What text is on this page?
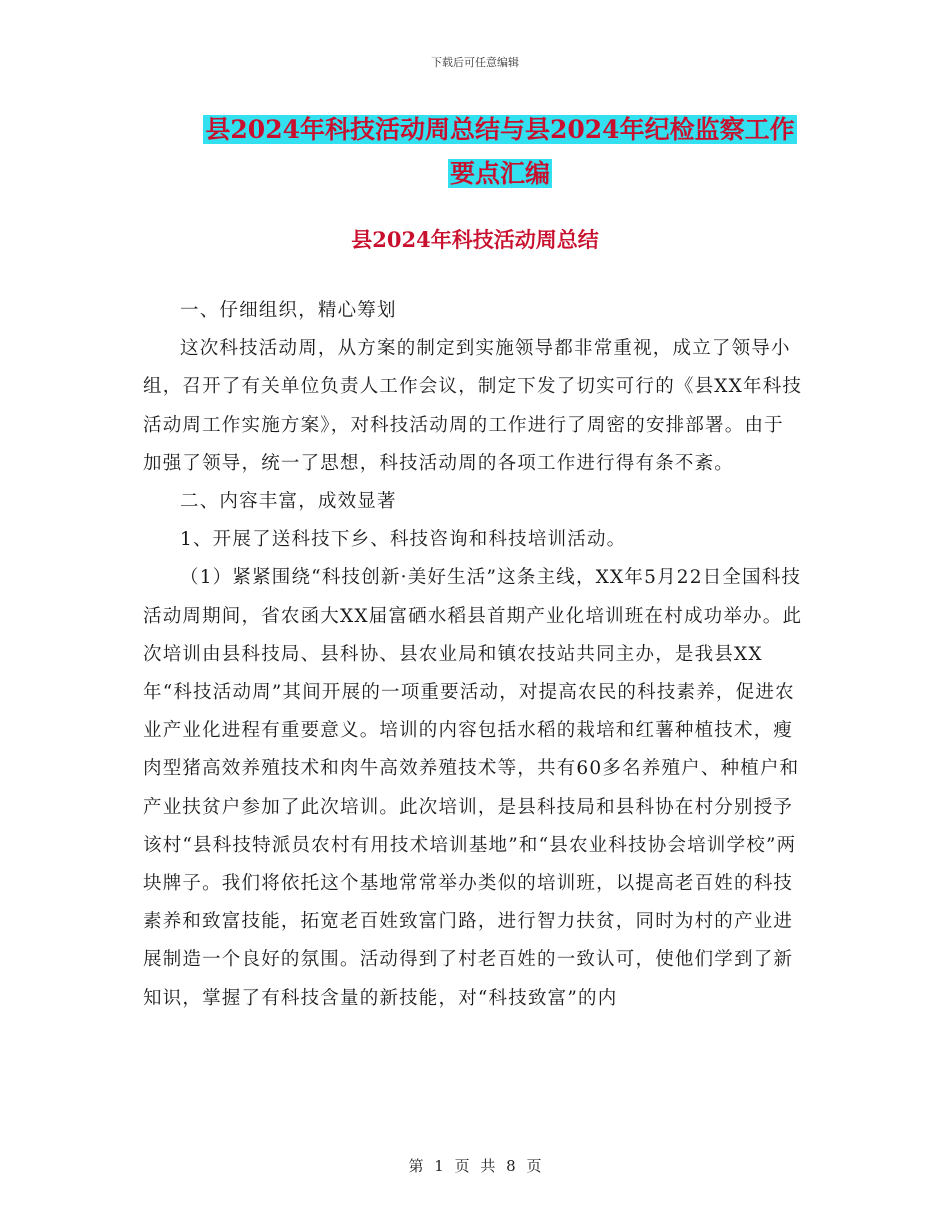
下载后可任意编辑
县2024年科技活动周总结与县2024年纪检监察工作
要点汇编
县2024年科技活动周总结

一、仔细组织，精心筹划

这次科技活动周，从方案的制定到实施领导都非常重视，成立了领导小组，召开了有关单位负责人工作会议，制定下发了切实可行的《县XX年科技活动周工作实施方案》，对科技活动周的工作进行了周密的安排部署。由于加强了领导，统一了思想，科技活动周的各项工作进行得有条不紊。

二、内容丰富，成效显著

1、开展了送科技下乡、科技咨询和科技培训活动。

（1）紧紧围绕“科技创新·美好生活”这条主线，XX年5月22日全国科技活动周期间，省农函大XX届富硒水稻县首期产业化培训班在村成功举办。此次培训由县科技局、县科协、县农业局和镇农技站共同主办，是我县XX年“科技活动周”其间开展的一项重要活动，对提高农民的科技素养，促进农业产业化进程有重要意义。培训的内容包括水稻的栽培和红薯种植技术，瘦肉型猪高效养殖技术和肉牛高效养殖技术等，共有60多名养殖户、种植户和产业扶贫户参加了此次培训。此次培训，是县科技局和县科协在村分别授予该村“县科技特派员农村有用技术培训基地”和“县农业科技协会培训学校”两块牌子。我们将依托这个基地常常举办类似的培训班，以提高老百姓的科技素养和致富技能，拓宽老百姓致富门路，进行智力扶贫，同时为村的产业进展制造一个良好的氛围。活动得到了村老百姓的一致认可，使他们学到了新知识，掌握了有科技含量的新技能，对“科技致富”的内

第 1 页 共 8 页
